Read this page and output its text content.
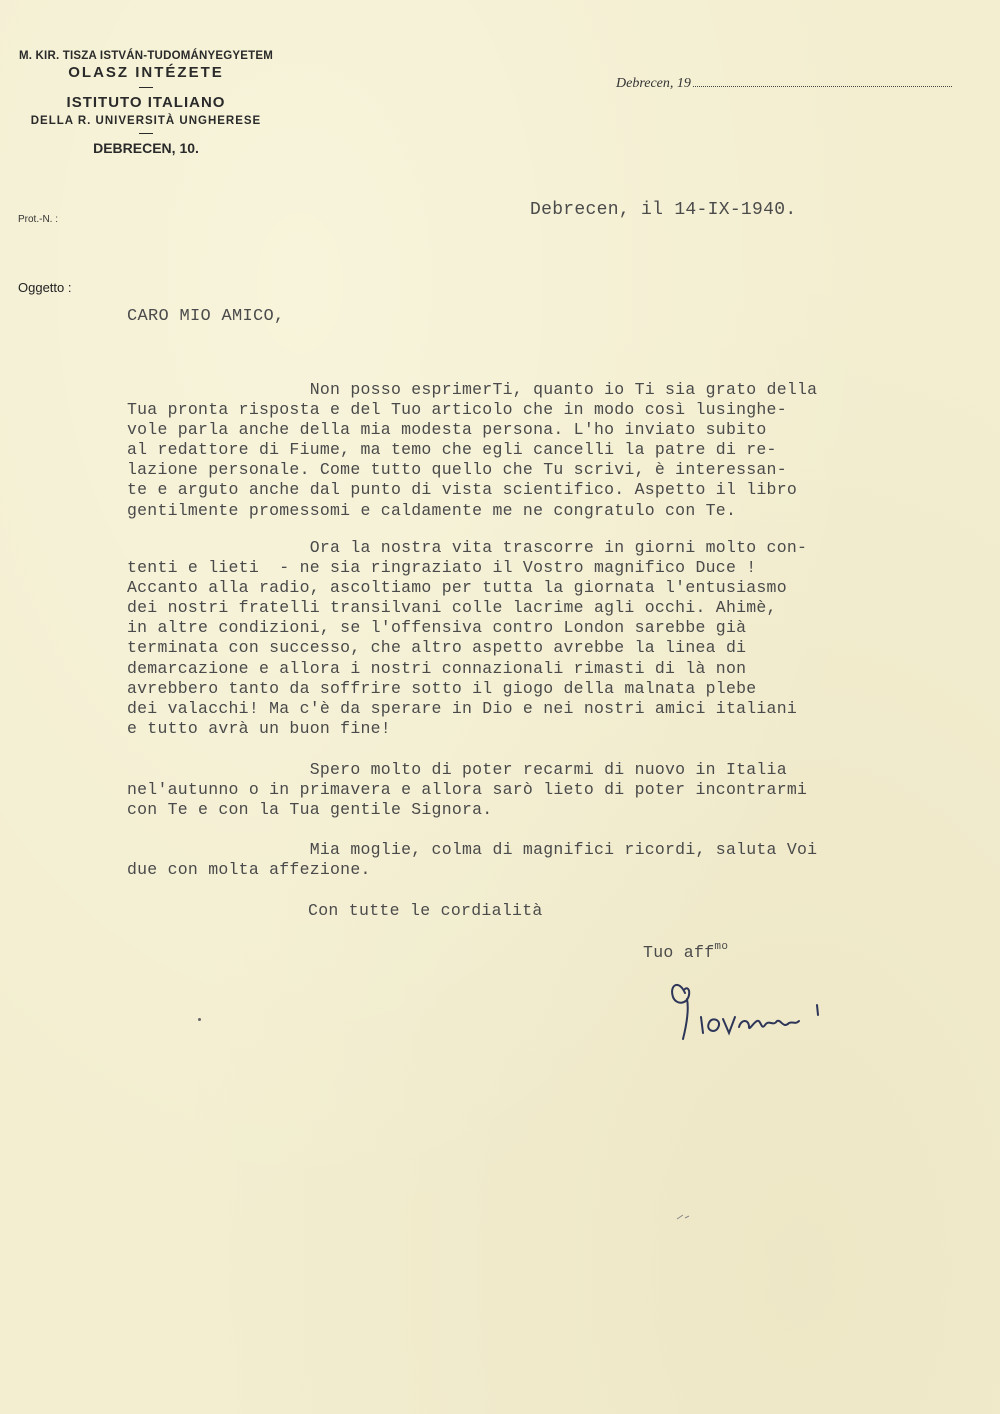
M. KIR. TISZA ISTVÁN-TUDOMÁNYEGYETEM
OLASZ INTÉZETE
ISTITUTO ITALIANO
DELLA R. UNIVERSITÀ UNGHERESE
DEBRECEN, 10.
Prot.-N. :
Oggetto :
Debrecen, 19
Debrecen, il 14-IX-1940.
CARO MIO AMICO,
Non posso esprimerTi, quanto io Ti sia grato della
Tua pronta risposta e del Tuo articolo che in modo così lusinghe-
vole parla anche della mia modesta persona. L'ho inviato subito
al redattore di Fiume, ma temo che egli cancelli la patre di re-
lazione personale. Come tutto quello che Tu scrivi, è interessan-
te e arguto anche dal punto di vista scientifico. Aspetto il libro
gentilmente promessomi e caldamente me ne congratulo con Te.
Ora la nostra vita trascorre in giorni molto con-
tenti e lieti  - ne sia ringraziato il Vostro magnifico Duce !
Accanto alla radio, ascoltiamo per tutta la giornata l'entusiasmo
dei nostri fratelli transilvani colle lacrime agli occhi. Ahimè,
in altre condizioni, se l'offensiva contro London sarebbe già
terminata con successo, che altro aspetto avrebbe la linea di
demarcazione e allora i nostri connazionali rimasti di là non
avrebbero tanto da soffrire sotto il giogo della malnata plebe
dei valacchi! Ma c'è da sperare in Dio e nei nostri amici italiani
e tutto avrà un buon fine!
Spero molto di poter recarmi di nuovo in Italia
nel'autunno o in primavera e allora sarò lieto di poter incontrarmi
con Te e con la Tua gentile Signora.
Mia moglie, colma di magnifici ricordi, saluta Voi
due con molta affezione.
Con tutte le cordialità
Tuo aff$^{mo}$
